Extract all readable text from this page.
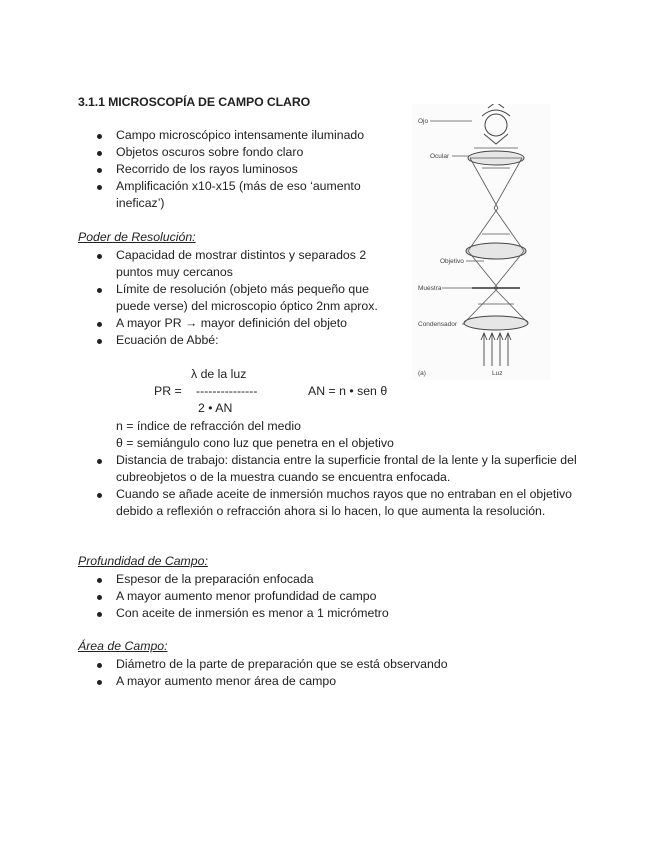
3.1.1 MICROSCOPÍA DE CAMPO CLARO
Campo microscópico intensamente iluminado
Objetos oscuros sobre fondo claro
Recorrido de los rayos luminosos
Amplificación x10-x15 (más de eso ‘aumento ineficaz’)
Poder de Resolución:
Capacidad de mostrar distintos y separados 2 puntos muy cercanos
Límite de resolución (objeto más pequeño que puede verse) del microscopio óptico 2nm aprox.
A mayor PR → mayor definición del objeto
Ecuación de Abbé:
λ de la luz
PR = ---------------	AN = n • sen θ
2 • AN
n = índice de refracción del medio
θ = semiángulo cono luz que penetra en el objetivo
Distancia de trabajo: distancia entre la superficie frontal de la lente y la superficie del cubreobjetos o de la muestra cuando se encuentra enfocada.
Cuando se añade aceite de inmersión muchos rayos que no entraban en el objetivo debido a reflexión o refracción ahora si lo hacen, lo que aumenta la resolución.
Profundidad de Campo:
Espesor de la preparación enfocada
A mayor aumento menor profundidad de campo
Con aceite de inmersión es menor a 1 micrómetro
Área de Campo:
Diámetro de la parte de preparación que se está observando
A mayor aumento menor área de campo
Ojo
Ocular
Objetivo
Muestra
Condensador
(a)	Luz
